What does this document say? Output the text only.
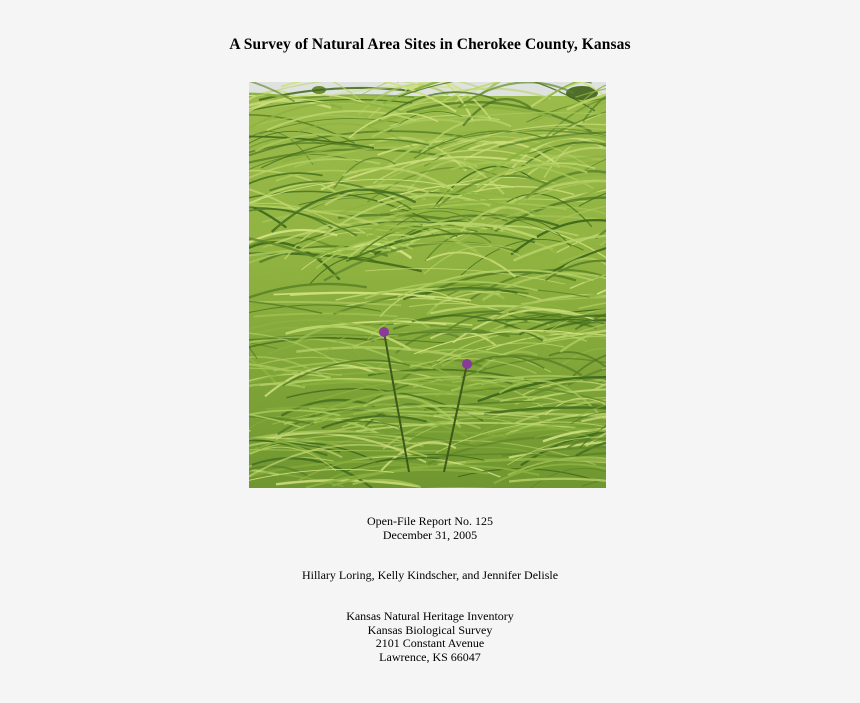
A Survey of Natural Area Sites in Cherokee County, Kansas
Open-File Report No. 125
December 31, 2005
Hillary Loring, Kelly Kindscher, and Jennifer Delisle
Kansas Natural Heritage Inventory
Kansas Biological Survey
2101 Constant Avenue
Lawrence, KS 66047
